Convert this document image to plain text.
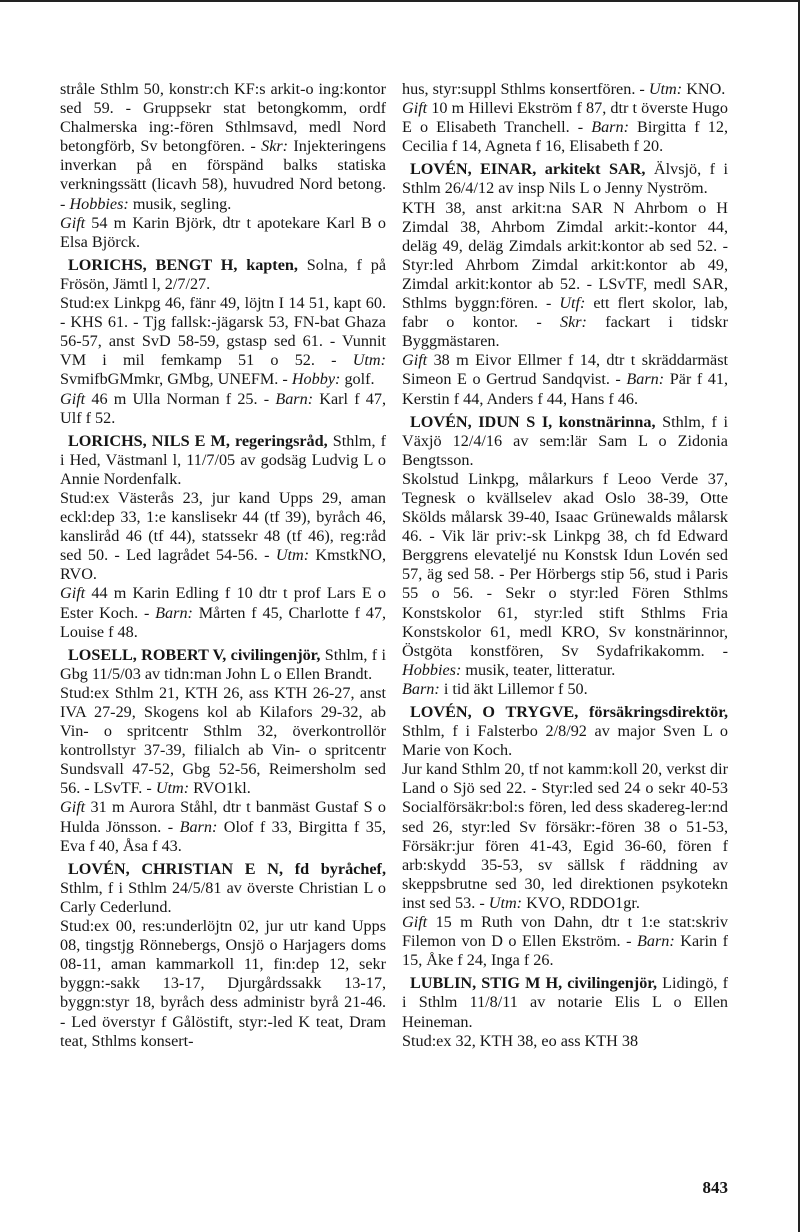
stråle Sthlm 50, konstr:ch KF:s arkit-o ing:kontor sed 59. - Gruppsekr stat betongkomm, ordf Chalmerska ing:-fören Sthlmsavd, medl Nord betongförb, Sv betongfören. - Skr: Injekteringens inverkan på en förspänd balks statiska verkningssätt (licavh 58), huvudred Nord betong. - Hobbies: musik, segling.

Gift 54 m Karin Björk, dtr t apotekare Karl B o Elsa Björck.

LORICHS, BENGT H, kapten, Solna, f på Frösön, Jämtl l, 2/7/27.

Stud:ex Linkpg 46, fänr 49, löjtn I 14 51, kapt 60. - KHS 61. - Tjg fallsk:-jägarsk 53, FN-bat Ghaza 56-57, anst SvD 58-59, gstasp sed 61. - Vunnit VM i mil femkamp 51 o 52. - Utm: SvmifbGMmkr, GMbg, UNEFM. - Hobby: golf.

Gift 46 m Ulla Norman f 25. - Barn: Karl f 47, Ulf f 52.

LORICHS, NILS E M, regeringsråd, Sthlm, f i Hed, Västmanl l, 11/7/05 av godsäg Ludvig L o Annie Nordenfalk.

Stud:ex Västerås 23, jur kand Upps 29, aman eckl:dep 33, 1:e kanslisekr 44 (tf 39), byråch 46, kansliråd 46 (tf 44), statssekr 48 (tf 46), reg:råd sed 50. - Led lagrådet 54-56. - Utm: KmstkNO, RVO.

Gift 44 m Karin Edling f 10 dtr t prof Lars E o Ester Koch. - Barn: Mårten f 45, Charlotte f 47, Louise f 48.

LOSELL, ROBERT V, civilingenjör, Sthlm, f i Gbg 11/5/03 av tidn:man John L o Ellen Brandt.

Stud:ex Sthlm 21, KTH 26, ass KTH 26-27, anst IVA 27-29, Skogens kol ab Kilafors 29-32, ab Vin- o spritcentr Sthlm 32, överkontrollör kontrollstyr 37-39, filialch ab Vin- o spritcentr Sundsvall 47-52, Gbg 52-56, Reimersholm sed 56. - LSvTF. - Utm: RVO1kl.

Gift 31 m Aurora Ståhl, dtr t banmäst Gustaf S o Hulda Jönsson. - Barn: Olof f 33, Birgitta f 35, Eva f 40, Åsa f 43.

LOVÉN, CHRISTIAN E N, fd byråchef, Sthlm, f i Sthlm 24/5/81 av överste Christian L o Carly Cederlund.

Stud:ex 00, res:underlöjtn 02, jur utr kand Upps 08, tingstjg Rönnebergs, Onsjö o Harjagers doms 08-11, aman kammarkoll 11, fin:dep 12, sekr byggn:-sakk 13-17, Djurgårdssakk 13-17, byggn:styr 18, byråch dess administr byrå 21-46. - Led överstyr f Gålöstift, styr:-led K teat, Dram teat, Sthlms konsert-

hus, styr:suppl Sthlms konsertfören. - Utm: KNO.

Gift 10 m Hillevi Ekström f 87, dtr t överste Hugo E o Elisabeth Tranchell. - Barn: Birgitta f 12, Cecilia f 14, Agneta f 16, Elisabeth f 20.

LOVÉN, EINAR, arkitekt SAR, Älvsjö, f i Sthlm 26/4/12 av insp Nils L o Jenny Nyström.

KTH 38, anst arkit:na SAR N Ahrbom o H Zimdal 38, Ahrbom Zimdal arkit:-kontor 44, deläg 49, deläg Zimdals arkit:kontor ab sed 52. - Styr:led Ahrbom Zimdal arkit:kontor ab 49, Zimdal arkit:kontor ab 52. - LSvTF, medl SAR, Sthlms byggn:fören. - Utf: ett flert skolor, lab, fabr o kontor. - Skr: fackart i tidskr Byggmästaren.

Gift 38 m Eivor Ellmer f 14, dtr t skräddarmäst Simeon E o Gertrud Sandqvist. - Barn: Pär f 41, Kerstin f 44, Anders f 44, Hans f 46.

LOVÉN, IDUN S I, konstnärinna, Sthlm, f i Växjö 12/4/16 av sem:lär Sam L o Zidonia Bengtsson.

Skolstud Linkpg, målarkurs f Leoo Verde 37, Tegnesk o kvällselev akad Oslo 38-39, Otte Skölds målarsk 39-40, Isaac Grünewalds målarsk 46. - Vik lär priv:-sk Linkpg 38, ch fd Edward Berggrens elevateljé nu Konstsk Idun Lovén sed 57, äg sed 58. - Per Hörbergs stip 56, stud i Paris 55 o 56. - Sekr o styr:led Fören Sthlms Konstskolor 61, styr:led stift Sthlms Fria Konstskolor 61, medl KRO, Sv konstnärinnor, Östgöta konstfören, Sv Sydafrikakomm. - Hobbies: musik, teater, litteratur.

Barn: i tid äkt Lillemor f 50.

LOVÉN, O TRYGVE, försäkringsdirektör, Sthlm, f i Falsterbo 2/8/92 av major Sven L o Marie von Koch.

Jur kand Sthlm 20, tf not kamm:koll 20, verkst dir Land o Sjö sed 22. - Styr:led sed 24 o sekr 40-53 Socialförsäkr:bol:s fören, led dess skadereg-ler:nd sed 26, styr:led Sv försäkr:-fören 38 o 51-53, Försäkr:jur fören 41-43, Egid 36-60, fören f arb:skydd 35-53, sv sällsk f räddning av skeppsbrutne sed 30, led direktionen psykotekn inst sed 53. - Utm: KVO, RDDO1gr.

Gift 15 m Ruth von Dahn, dtr t 1:e stat:skriv Filemon von D o Ellen Ekström. - Barn: Karin f 15, Åke f 24, Inga f 26.

LUBLIN, STIG M H, civilingenjör, Lidingö, f i Sthlm 11/8/11 av notarie Elis L o Ellen Heineman.

Stud:ex 32, KTH 38, eo ass KTH 38

843
